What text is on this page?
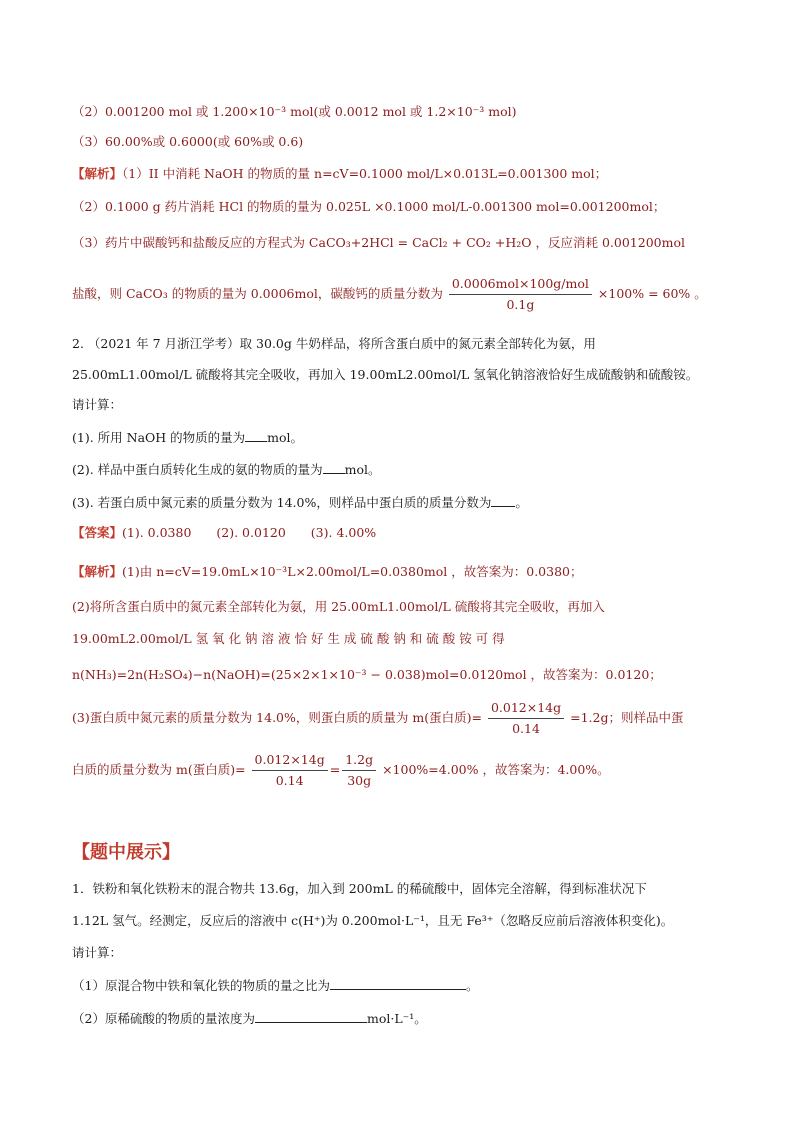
（2）0.001200 mol 或 1.200×10⁻³ mol(或 0.0012 mol 或 1.2×10⁻³ mol)
（3）60.00%或 0.6000(或 60%或 0.6)
【解析】（1）II 中消耗 NaOH 的物质的量 n=cV=0.1000 mol/L×0.013L=0.001300 mol；
（2）0.1000 g 药片消耗 HCl 的物质的量为 0.025L ×0.1000 mol/L-0.001300 mol=0.001200mol；
（3）药片中碳酸钙和盐酸反应的方程式为 CaCO₃+2HCl = CaCl₂ + CO₂ +H₂O ，反应消耗 0.001200mol
盐酸，则 CaCO₃ 的物质的量为 0.0006mol，碳酸钙的质量分数为 $\frac{\text{0.0006mol×100g/mol}}{0.1g} \times 100\% = 60\%$ 。
2. （2021 年 7 月浙江学考）取 30.0g 牛奶样品，将所含蛋白质中的氮元素全部转化为氨，用
25.00mL1.00mol/L 硫酸将其完全吸收，再加入 19.00mL2.00mol/L 氢氧化钠溶液恰好生成硫酸钠和硫酸铵。
请计算：
(1). 所用 NaOH 的物质的量为 mol。
(2). 样品中蛋白质转化生成的氨的物质的量为 mol。
(3). 若蛋白质中氮元素的质量分数为 14.0%，则样品中蛋白质的质量分数为 。
【答案】(1). 0.0380　　(2). 0.0120　　(3). 4.00%
【解析】(1)由 n=cV=19.0mL×10⁻³L×2.00mol/L=0.0380mol ，故答案为：0.0380；
(2)将所含蛋白质中的氮元素全部转化为氨，用 25.00mL1.00mol/L 硫酸将其完全吸收，再加入
19.00mL2.00mol/L 氢 氧 化 钠 溶 液 恰 好 生 成 硫 酸 钠 和 硫 酸 铵 可 得
n(NH₃)=2n(H₂SO₄)−n(NaOH)=(25×2×1×10⁻³ − 0.038)mol=0.0120mol ，故答案为：0.0120；
(3)蛋白质中氮元素的质量分数为 14.0%，则蛋白质的质量为 m(蛋白质)= $\frac{0.012\times 14g}{0.14} =1.2g$；则样品中蛋
白质的质量分数为 m(蛋白质)= $\frac{0.012\times 14g}{0.14} = \frac{1.2g}{30g} \times 100\%=4.00\%$ ，故答案为：4.00%。
【题中展示】
1．铁粉和氧化铁粉末的混合物共 13.6g，加入到 200mL 的稀硫酸中，固体完全溶解，得到标准状况下
1.12L 氢气。经测定，反应后的溶液中 c(H⁺)为 0.200mol·L⁻¹，且无 Fe³⁺（忽略反应前后溶液体积变化)。
请计算：
（1）原混合物中铁和氧化铁的物质的量之比为	。
（2）原稀硫酸的物质的量浓度为	mol·L⁻¹。
